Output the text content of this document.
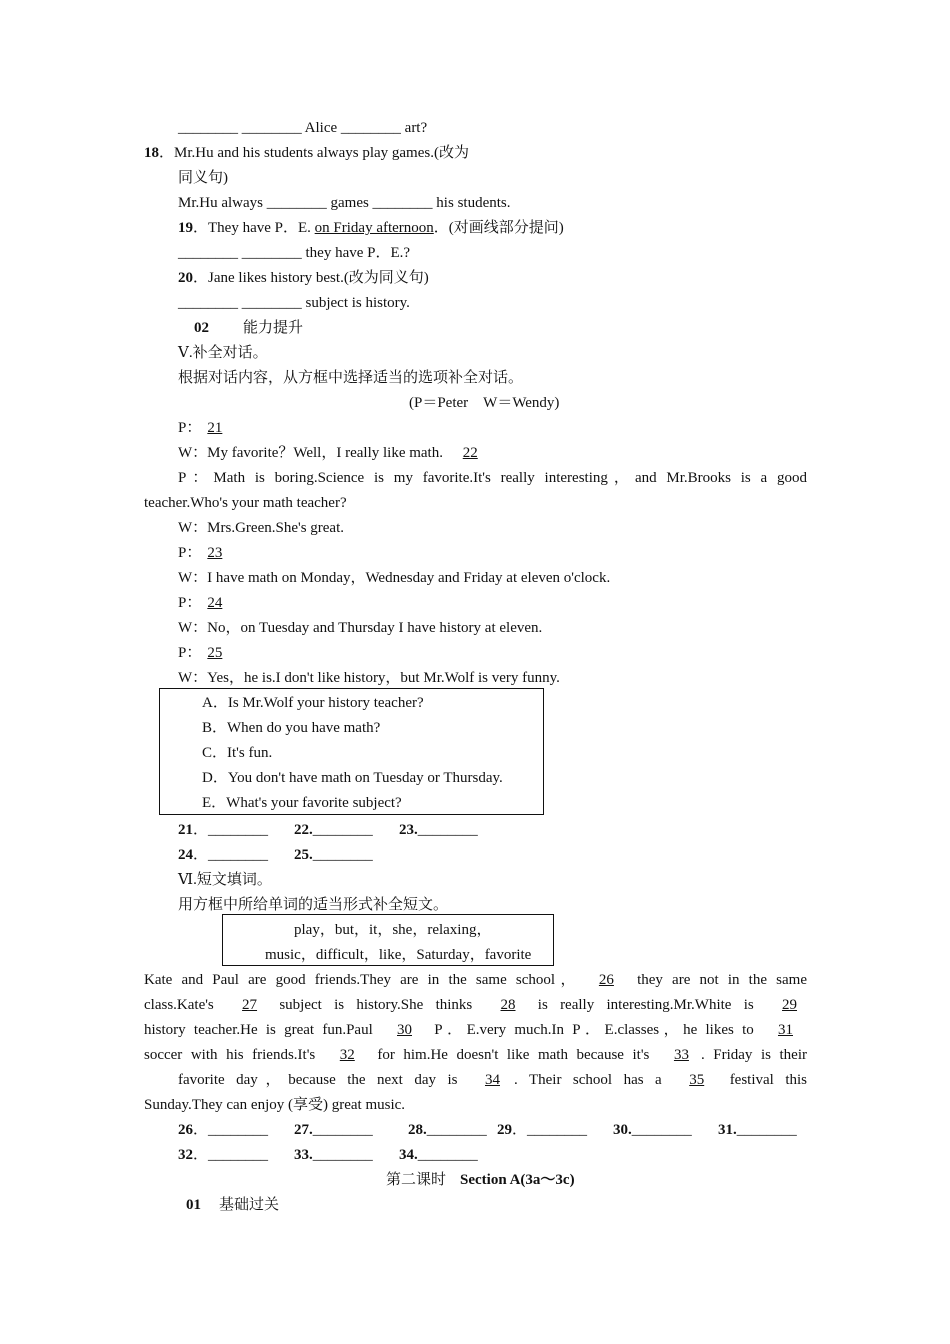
________ ________ Alice ________ art?
18．Mr.Hu and his students always play games.(改为
同义句)
Mr.Hu always ________ games ________ his students.
19．They have P．E. on Friday afternoon．(对画线部分提问)
________ ________ they have P．E.?
20．Jane likes history best.(改为同义句)
________ ________ subject is history.
02 能力提升
Ⅴ.补全对话。
根据对话内容，从方框中选择适当的选项补全对话。
(P＝Peter　W＝Wendy)
P： 21
W：My favorite？Well，I really like math. 22
P：Math is boring.Science is my favorite.It's really interesting，and Mr.Brooks is a good
teacher.Who's your math teacher?
W：Mrs.Green.She's great.
P： 23
W：I have math on Monday，Wednesday and Friday at eleven o'clock.
P： 24
W：No，on Tuesday and Thursday I have history at eleven.
P： 25
W：Yes，he is.I don't like history，but Mr.Wolf is very funny.
A．Is Mr.Wolf your history teacher?
B．When do you have math?
C．It's fun.
D．You don't have math on Tuesday or Thursday.
E．What's your favorite subject?
21．________ 22.________ 23.________
24．________ 25.________
Ⅵ.短文填词。
用方框中所给单词的适当形式补全短文。
play，but，it，she，relaxing，
music，difficult，like，Saturday，favorite
Kate and Paul are good friends.They are in the same school， 26 they are not in the same
class.Kate's 27 subject is history.She thinks 28 is really interesting.Mr.White is 29
history teacher.He is great fun.Paul 30 P．E.very much.In P．E.classes，he likes to 31
soccer with his friends.It's 32 for him.He doesn't like math because it's 33 . Friday is their
favorite day，because the next day is 34 . Their school has a 35 festival this
Sunday.They can enjoy (享受) great music.
26．________ 27.________ 28.________ 29．________ 30.________ 31.________
32．________ 33.________ 34.________
第二课时 Section A(3a～3c)
01 基础过关
